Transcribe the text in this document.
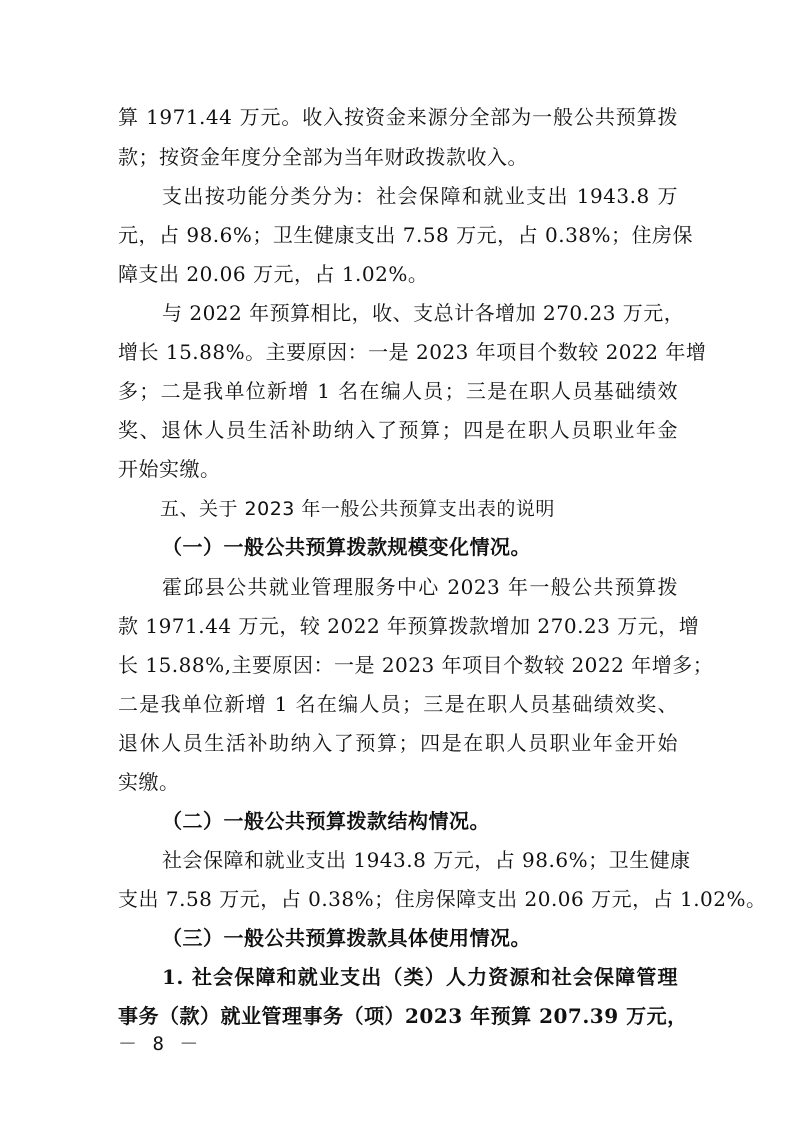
算 1971.44 万元。收入按资金来源分全部为一般公共预算拨
款；按资金年度分全部为当年财政拨款收入。
支出按功能分类分为：社会保障和就业支出 1943.8 万
元，占 98.6%；卫生健康支出 7.58 万元，占 0.38%；住房保
障支出 20.06 万元，占 1.02%。
与 2022 年预算相比，收、支总计各增加 270.23 万元，
增长 15.88%。主要原因：一是 2023 年项目个数较 2022 年增
多；二是我单位新增 1 名在编人员；三是在职人员基础绩效
奖、退休人员生活补助纳入了预算；四是在职人员职业年金
开始实缴。
五、关于 2023 年一般公共预算支出表的说明
（一）一般公共预算拨款规模变化情况。
霍邱县公共就业管理服务中心 2023 年一般公共预算拨
款 1971.44 万元，较 2022 年预算拨款增加 270.23 万元，增
长 15.88%,主要原因：一是 2023 年项目个数较 2022 年增多；
二是我单位新增 1 名在编人员；三是在职人员基础绩效奖、
退休人员生活补助纳入了预算；四是在职人员职业年金开始
实缴。
（二）一般公共预算拨款结构情况。
社会保障和就业支出 1943.8 万元，占 98.6%；卫生健康
支出 7.58 万元，占 0.38%；住房保障支出 20.06 万元，占 1.02%。
（三）一般公共预算拨款具体使用情况。
1. 社会保障和就业支出（类）人力资源和社会保障管理
事务（款）就业管理事务（项）2023 年预算 207.39 万元，
－ 8 －
